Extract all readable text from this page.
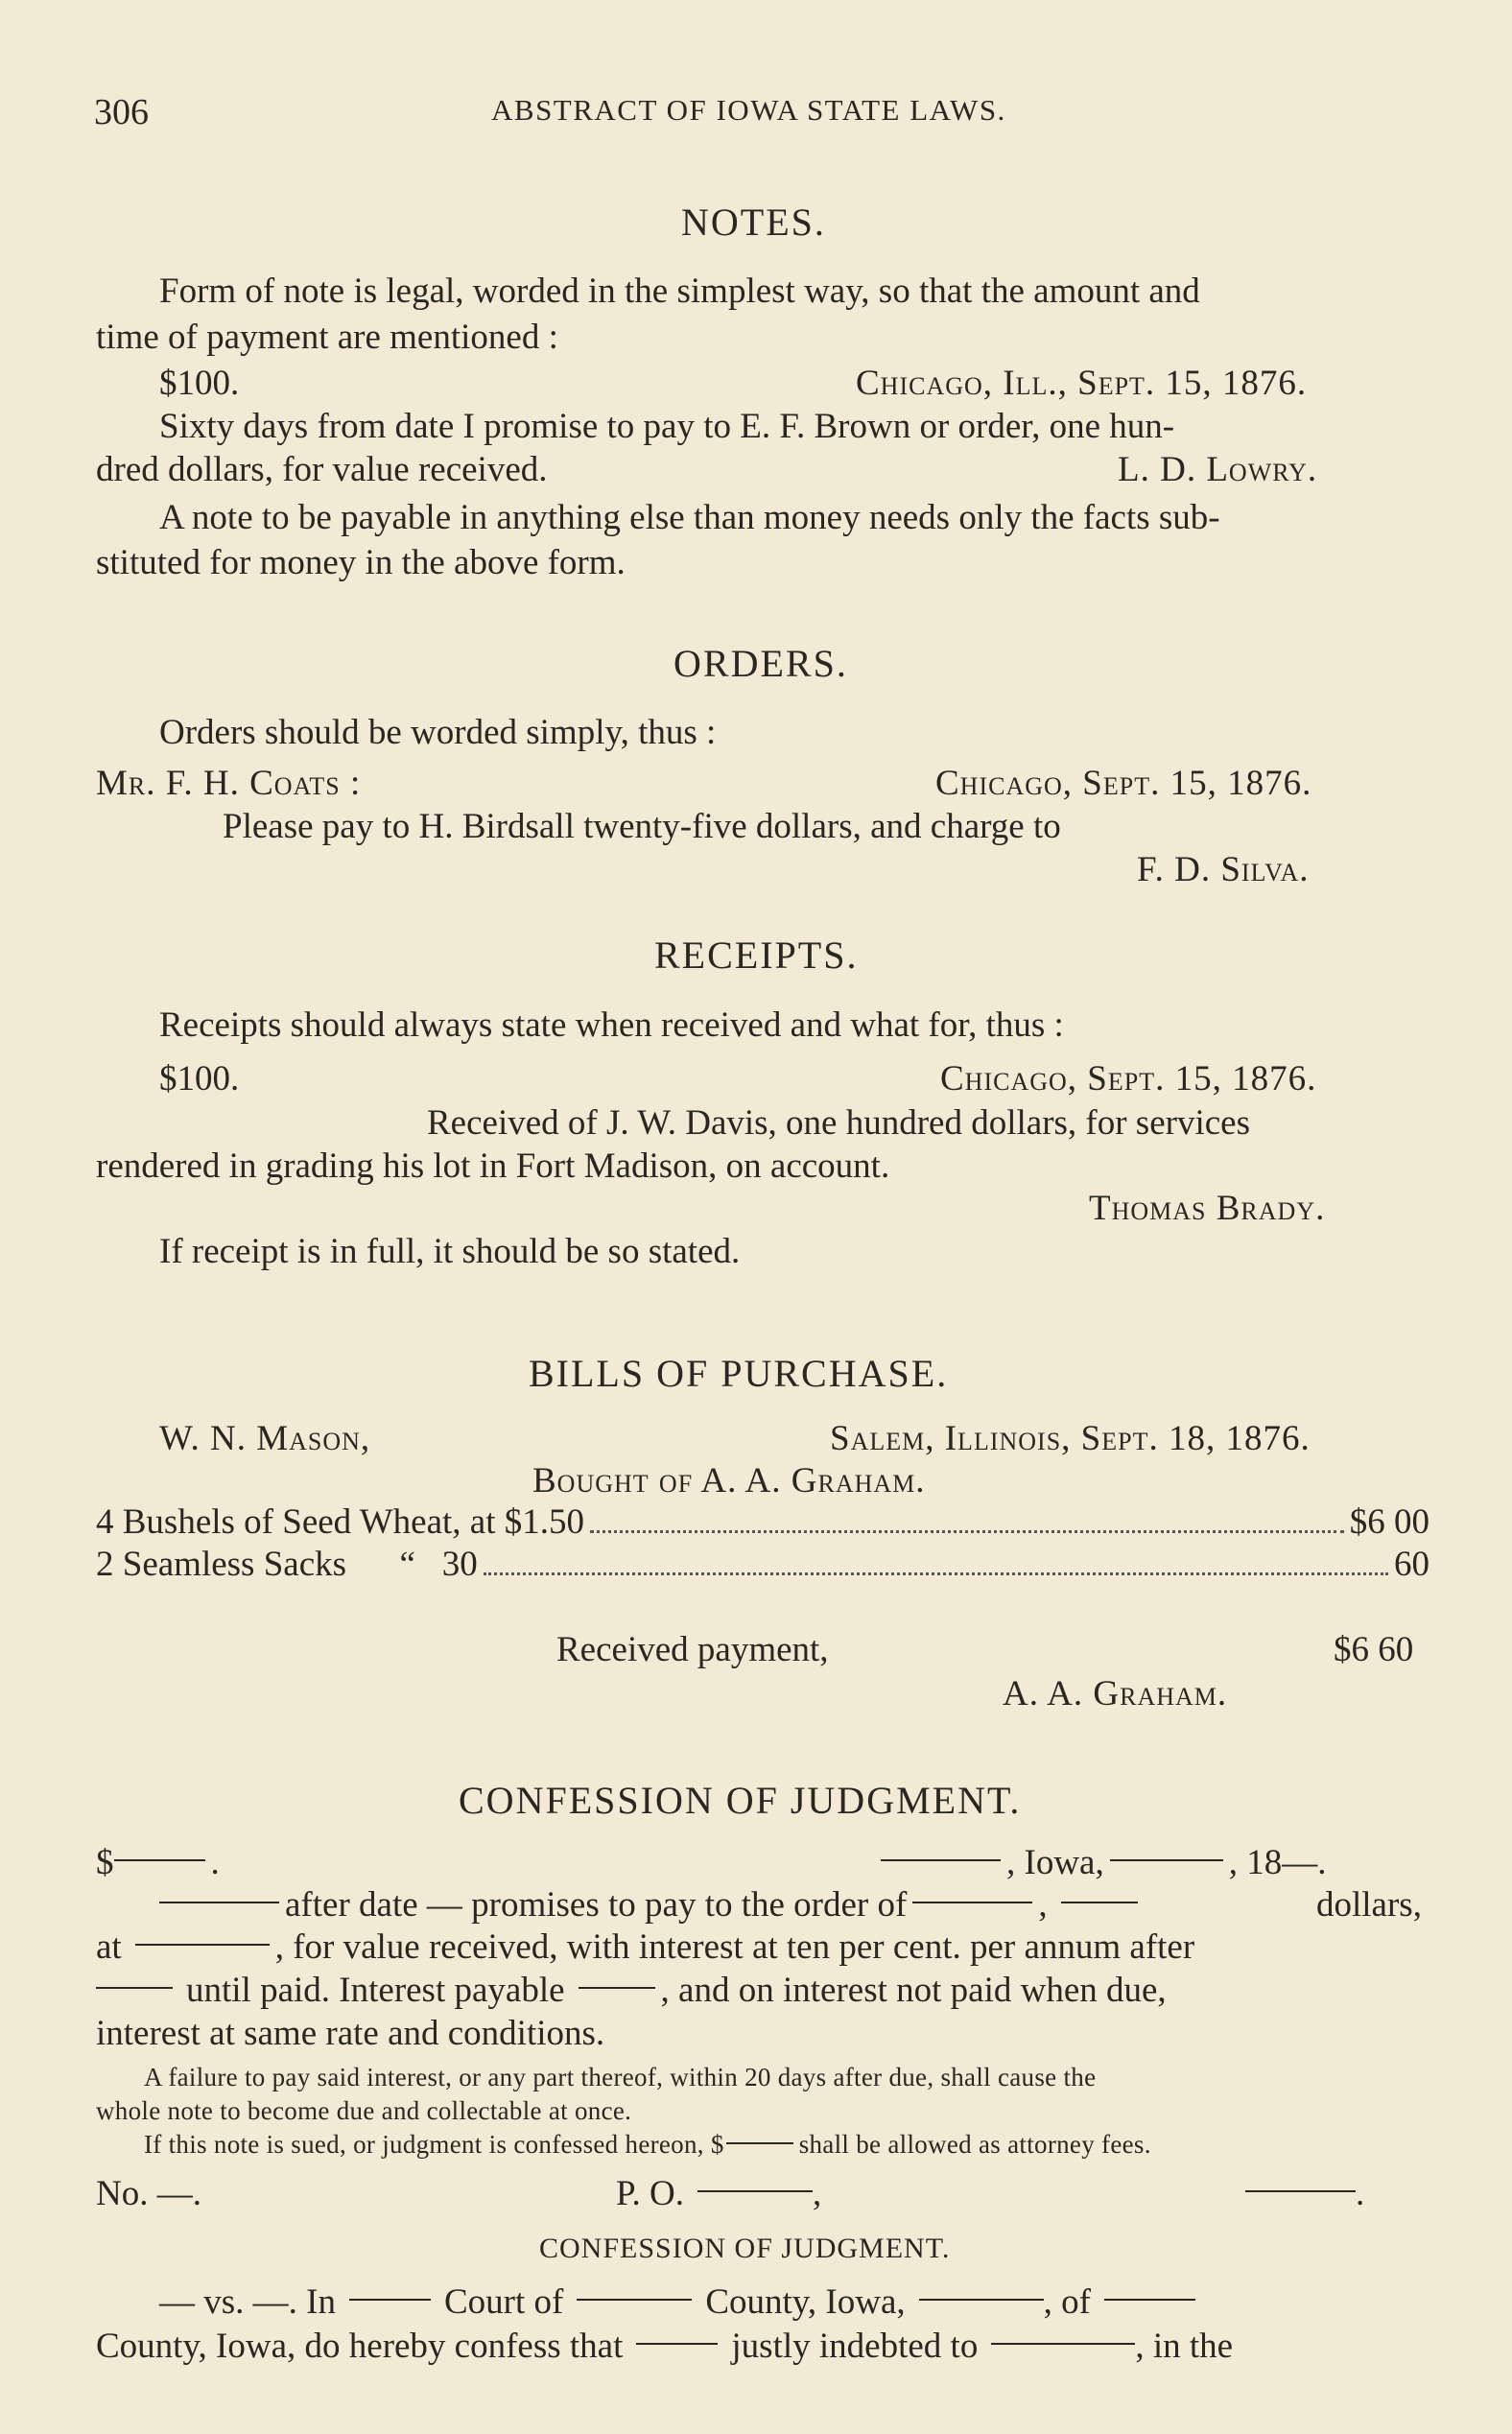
306	ABSTRACT OF IOWA STATE LAWS.
NOTES.
Form of note is legal, worded in the simplest way, so that the amount and
time of payment are mentioned :
$100.	Chicago, Ill., Sept. 15, 1876.
Sixty days from date I promise to pay to E. F. Brown or order, one hun-
dred dollars, for value received.	L. D. Lowry.
A note to be payable in anything else than money needs only the facts sub-
stituted for money in the above form.
ORDERS.
Orders should be worded simply, thus :
Mr. F. H. Coats :	Chicago, Sept. 15, 1876.
Please pay to H. Birdsall twenty-five dollars, and charge to
F. D. Silva.
RECEIPTS.
Receipts should always state when received and what for, thus :
$100.	Chicago, Sept. 15, 1876.
Received of J. W. Davis, one hundred dollars, for services
rendered in grading his lot in Fort Madison, on account.
Thomas Brady.
If receipt is in full, it should be so stated.
BILLS OF PURCHASE.
W. N. Mason,	Salem, Illinois, Sept. 18, 1876.
Bought of A. A. Graham.
4 Bushels of Seed Wheat, at $1.50	$6 00
2 Seamless Sacks      “   30	60
Received payment,	$6 60
A. A. Graham.
CONFESSION OF JUDGMENT.
$	.	, Iowa,	, 18—.
after date — promises to pay to the order of	,	dollars,
at	, for value received, with interest at ten per cent. per annum after
until paid. Interest payable	, and on interest not paid when due,
interest at same rate and conditions.
A failure to pay said interest, or any part thereof, within 20 days after due, shall cause the
whole note to become due and collectable at once.
If this note is sued, or judgment is confessed hereon, $	shall be allowed as attorney fees.
No. —.	P. O.	,	.
CONFESSION OF JUDGMENT.
— vs. —. In	Court of	County, Iowa,	, of
County, Iowa, do hereby confess that	justly indebted to	, in the
